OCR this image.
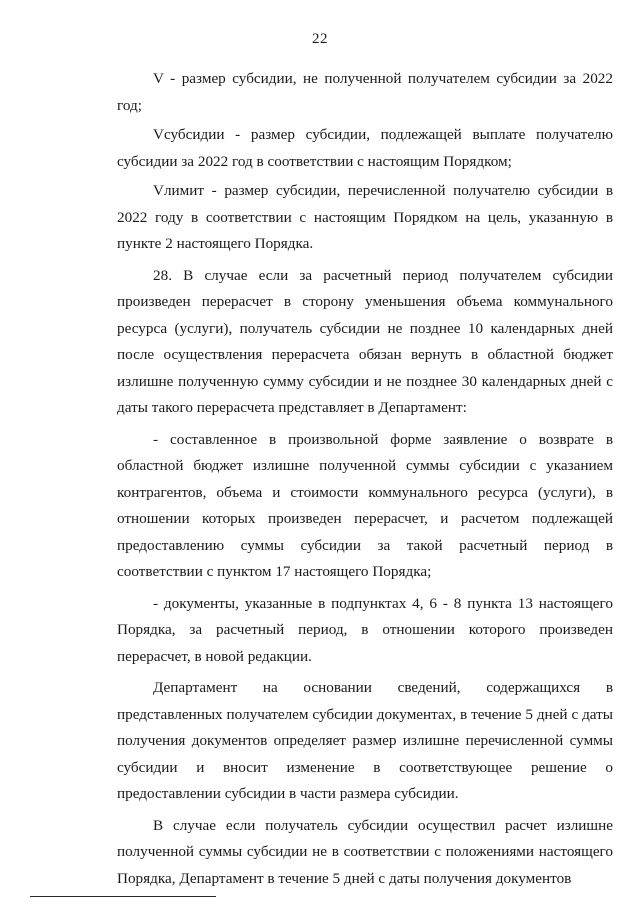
22

V - размер субсидии, не полученной получателем субсидии за 2022 год;

Vсубсидии - размер субсидии, подлежащей выплате получателю субсидии за 2022 год в соответствии с настоящим Порядком;

Vлимит - размер субсидии, перечисленной получателю субсидии в 2022 году в соответствии с настоящим Порядком на цель, указанную в пункте 2 настоящего Порядка.

28. В случае если за расчетный период получателем субсидии произведен перерасчет в сторону уменьшения объема коммунального ресурса (услуги), получатель субсидии не позднее 10 календарных дней после осуществления перерасчета обязан вернуть в областной бюджет излишне полученную сумму субсидии и не позднее 30 календарных дней с даты такого перерасчета представляет в Департамент:

- составленное в произвольной форме заявление о возврате в областной бюджет излишне полученной суммы субсидии с указанием контрагентов, объема и стоимости коммунального ресурса (услуги), в отношении которых произведен перерасчет, и расчетом подлежащей предоставлению суммы субсидии за такой расчетный период в соответствии с пунктом 17 настоящего Порядка;

- документы, указанные в подпунктах 4, 6 - 8 пункта 13 настоящего Порядка, за расчетный период, в отношении которого произведен перерасчет, в новой редакции.

Департамент на основании сведений, содержащихся в представленных получателем субсидии документах, в течение 5 дней с даты получения документов определяет размер излишне перечисленной суммы субсидии и вносит изменение в соответствующее решение о предоставлении субсидии в части размера субсидии.

В случае если получатель субсидии осуществил расчет излишне полученной суммы субсидии не в соответствии с положениями настоящего Порядка, Департамент в течение 5 дней с даты получения документов
